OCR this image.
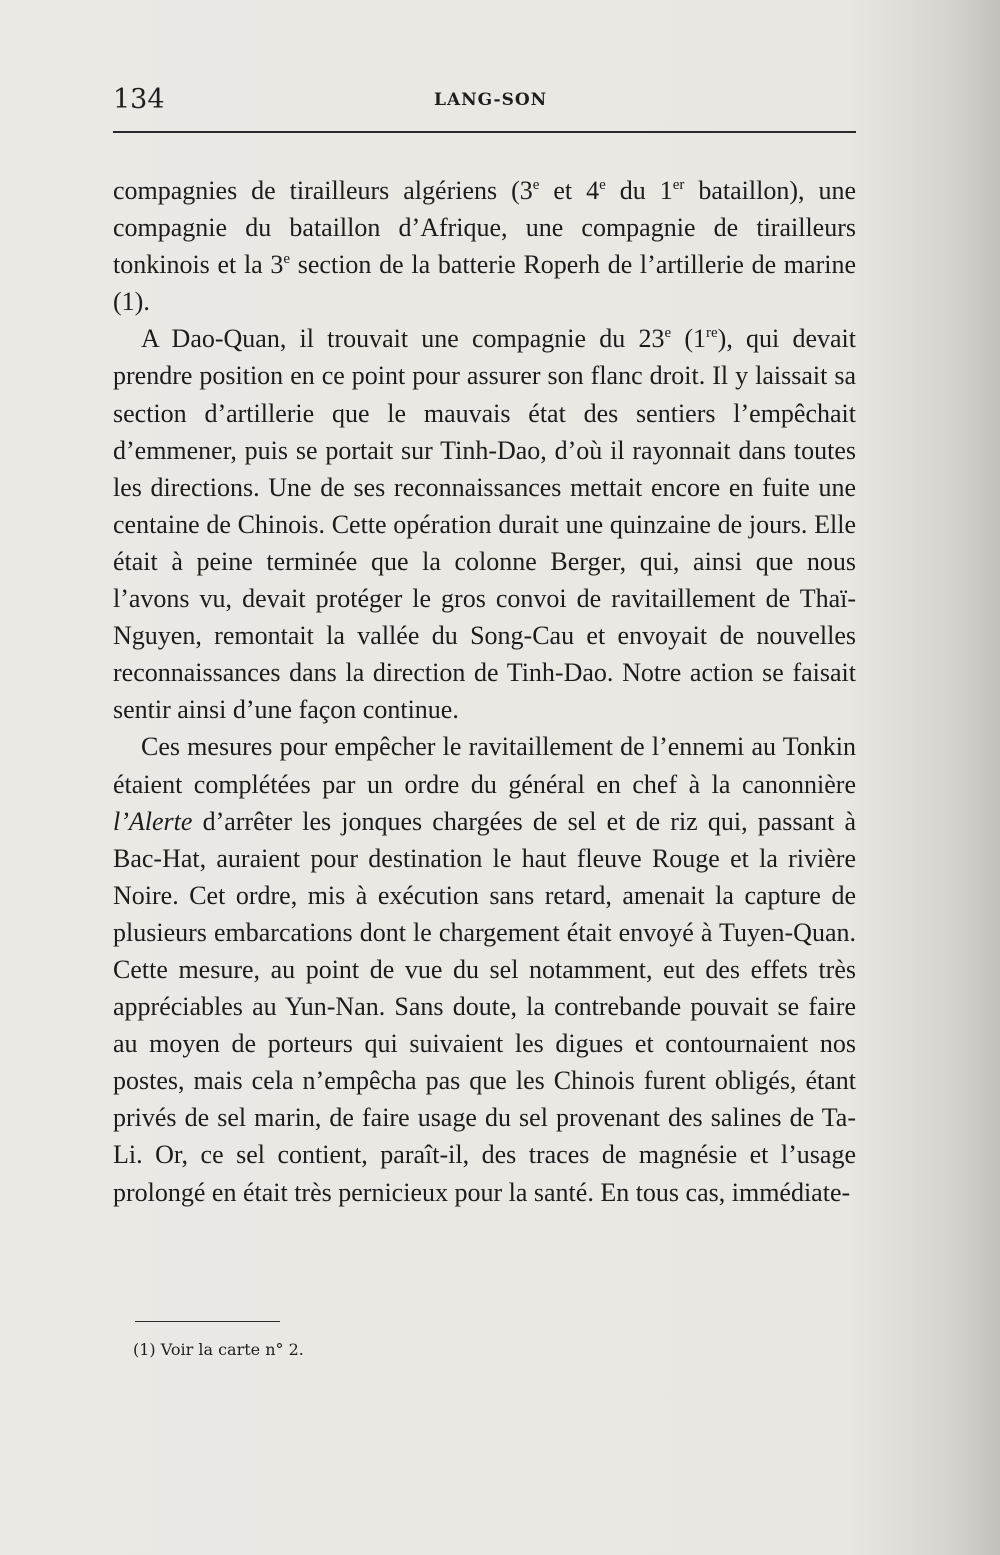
134	LANG-SON

compagnies de tirailleurs algériens (3e et 4e du 1er bataillon), une compagnie du bataillon d’Afrique, une compagnie de tirailleurs tonkinois et la 3e section de la batterie Roperh de l’artillerie de marine (1).

A Dao-Quan, il trouvait une compagnie du 23e (1re), qui devait prendre position en ce point pour assurer son flanc droit. Il y laissait sa section d’artillerie que le mauvais état des sentiers l’empêchait d’emmener, puis se portait sur Tinh-Dao, d’où il rayonnait dans toutes les directions. Une de ses reconnaissances mettait encore en fuite une centaine de Chinois. Cette opération durait une quinzaine de jours. Elle était à peine terminée que la colonne Berger, qui, ainsi que nous l’avons vu, devait protéger le gros convoi de ravitaillement de Thaï-Nguyen, remontait la vallée du Song-Cau et envoyait de nouvelles reconnaissances dans la direction de Tinh-Dao. Notre action se faisait sentir ainsi d’une façon continue.

Ces mesures pour empêcher le ravitaillement de l’ennemi au Tonkin étaient complétées par un ordre du général en chef à la canonnière l’Alerte d’arrêter les jonques chargées de sel et de riz qui, passant à Bac-Hat, auraient pour destination le haut fleuve Rouge et la rivière Noire. Cet ordre, mis à exécution sans retard, amenait la capture de plusieurs embarcations dont le chargement était envoyé à Tuyen-Quan. Cette mesure, au point de vue du sel notamment, eut des effets très appréciables au Yun-Nan. Sans doute, la contrebande pouvait se faire au moyen de porteurs qui suivaient les digues et contournaient nos postes, mais cela n’empêcha pas que les Chinois furent obligés, étant privés de sel marin, de faire usage du sel provenant des salines de Ta-Li. Or, ce sel contient, paraît-il, des traces de magnésie et l’usage prolongé en était très pernicieux pour la santé. En tous cas, immédiate-

(1) Voir la carte n° 2.
